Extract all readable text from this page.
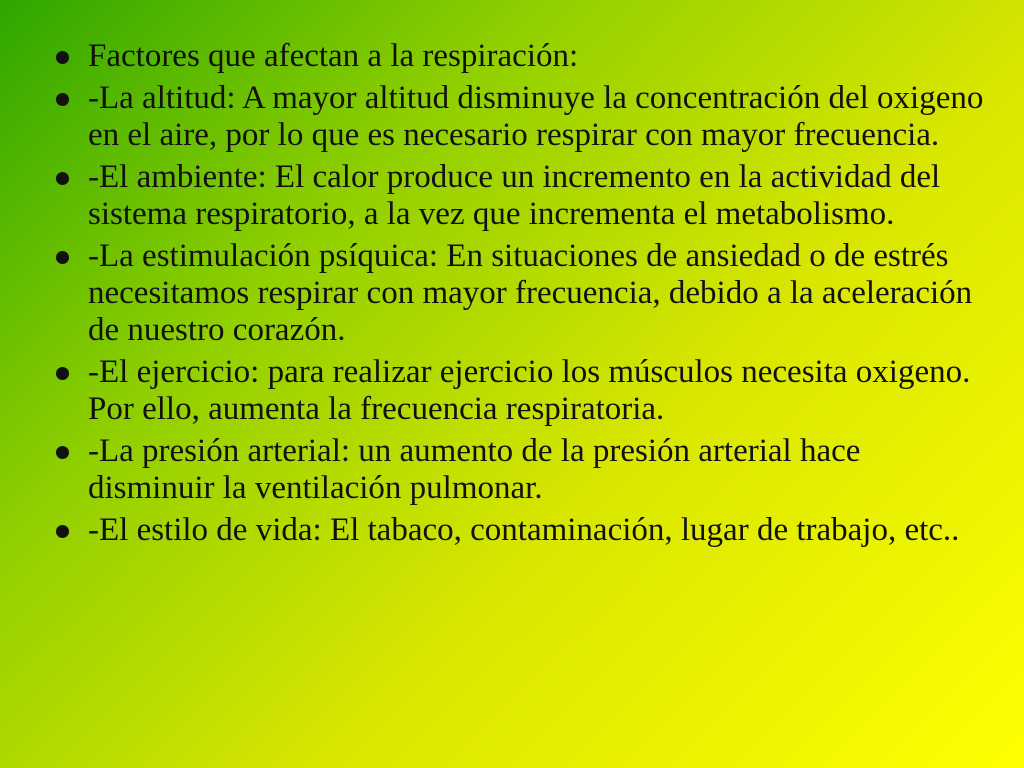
Factores que afectan a la respiración:
-La altitud: A mayor altitud disminuye la concentración del oxigeno en el aire, por lo que es necesario respirar con mayor frecuencia.
-El ambiente: El calor produce un incremento en la actividad del sistema respiratorio, a la vez que incrementa el metabolismo.
-La estimulación psíquica: En situaciones de ansiedad o de estrés necesitamos respirar con mayor frecuencia, debido a la aceleración de nuestro corazón.
-El ejercicio: para realizar ejercicio los músculos necesita oxigeno. Por ello, aumenta la frecuencia respiratoria.
-La presión arterial: un aumento de la presión arterial hace disminuir la ventilación pulmonar.
-El estilo de vida: El tabaco, contaminación, lugar de trabajo, etc..
